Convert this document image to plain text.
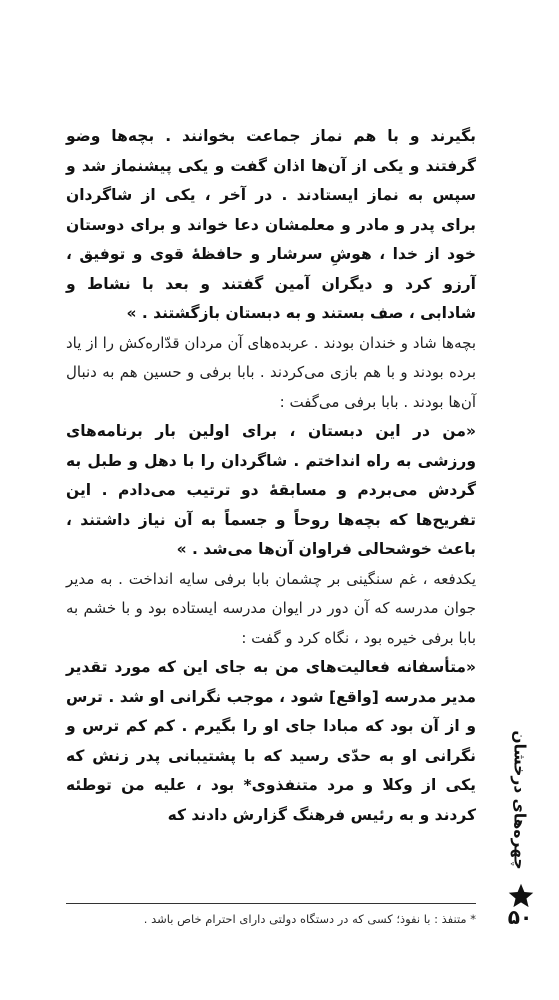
بگیرند و با هم نماز جماعت بخوانند . بچه‌ها وضو گرفتند و یکی از آن‌ها اذان گفت و یکی پیشنماز شد و سپس به نماز ایستادند . در آخر ، یکی از شاگردان برای پدر و مادر و معلمشان دعا خواند و برای دوستان خود از خدا ، هوشِ سرشار و حافظهٔ قوی و توفیق ، آرزو کرد و دیگران آمین گفتند و بعد با نشاط و شادابی ، صف بستند و به دبستان بازگشتند . »

بچه‌ها شاد و خندان بودند . عربده‌های آن مردان قدّاره‌کش را از یاد برده بودند و با هم بازی می‌کردند . بابا برفی و حسین هم به دنبال آن‌ها بودند . بابا برفی می‌گفت :

«من در این دبستان ، برای اولین بار برنامه‌های ورزشی به راه انداختم . شاگردان را با دهل و طبل به گردش می‌بردم و مسابقهٔ دو ترتیب می‌دادم . این تفریح‌ها که بچه‌ها روحاً و جسماً به آن نیاز داشتند ، باعث خوشحالی فراوان آن‌ها می‌شد . »

یکدفعه ، غم سنگینی بر چشمان بابا برفی سایه انداخت . به مدیر جوان مدرسه که آن دور در ایوان مدرسه ایستاده بود و با خشم به بابا برفی خیره بود ، نگاه کرد و گفت :

«متأسفانه فعالیت‌های من به جای این که مورد تقدیر مدیر مدرسه [واقع] شود ، موجب نگرانی او شد . ترس و از آن بود که مبادا جای او را بگیرم . کم کم ترس و نگرانی او به حدّی رسید که با پشتیبانی پدر زنش که یکی از وکلا و مرد متنفذوی* بود ، علیه من توطئه کردند و به رئیس فرهنگ گزارش دادند که

* متنفذ : با نفوذ؛ کسی که در دستگاه دولتی دارای احترام خاص باشد .
چهره‌های درخشان
۵۰
